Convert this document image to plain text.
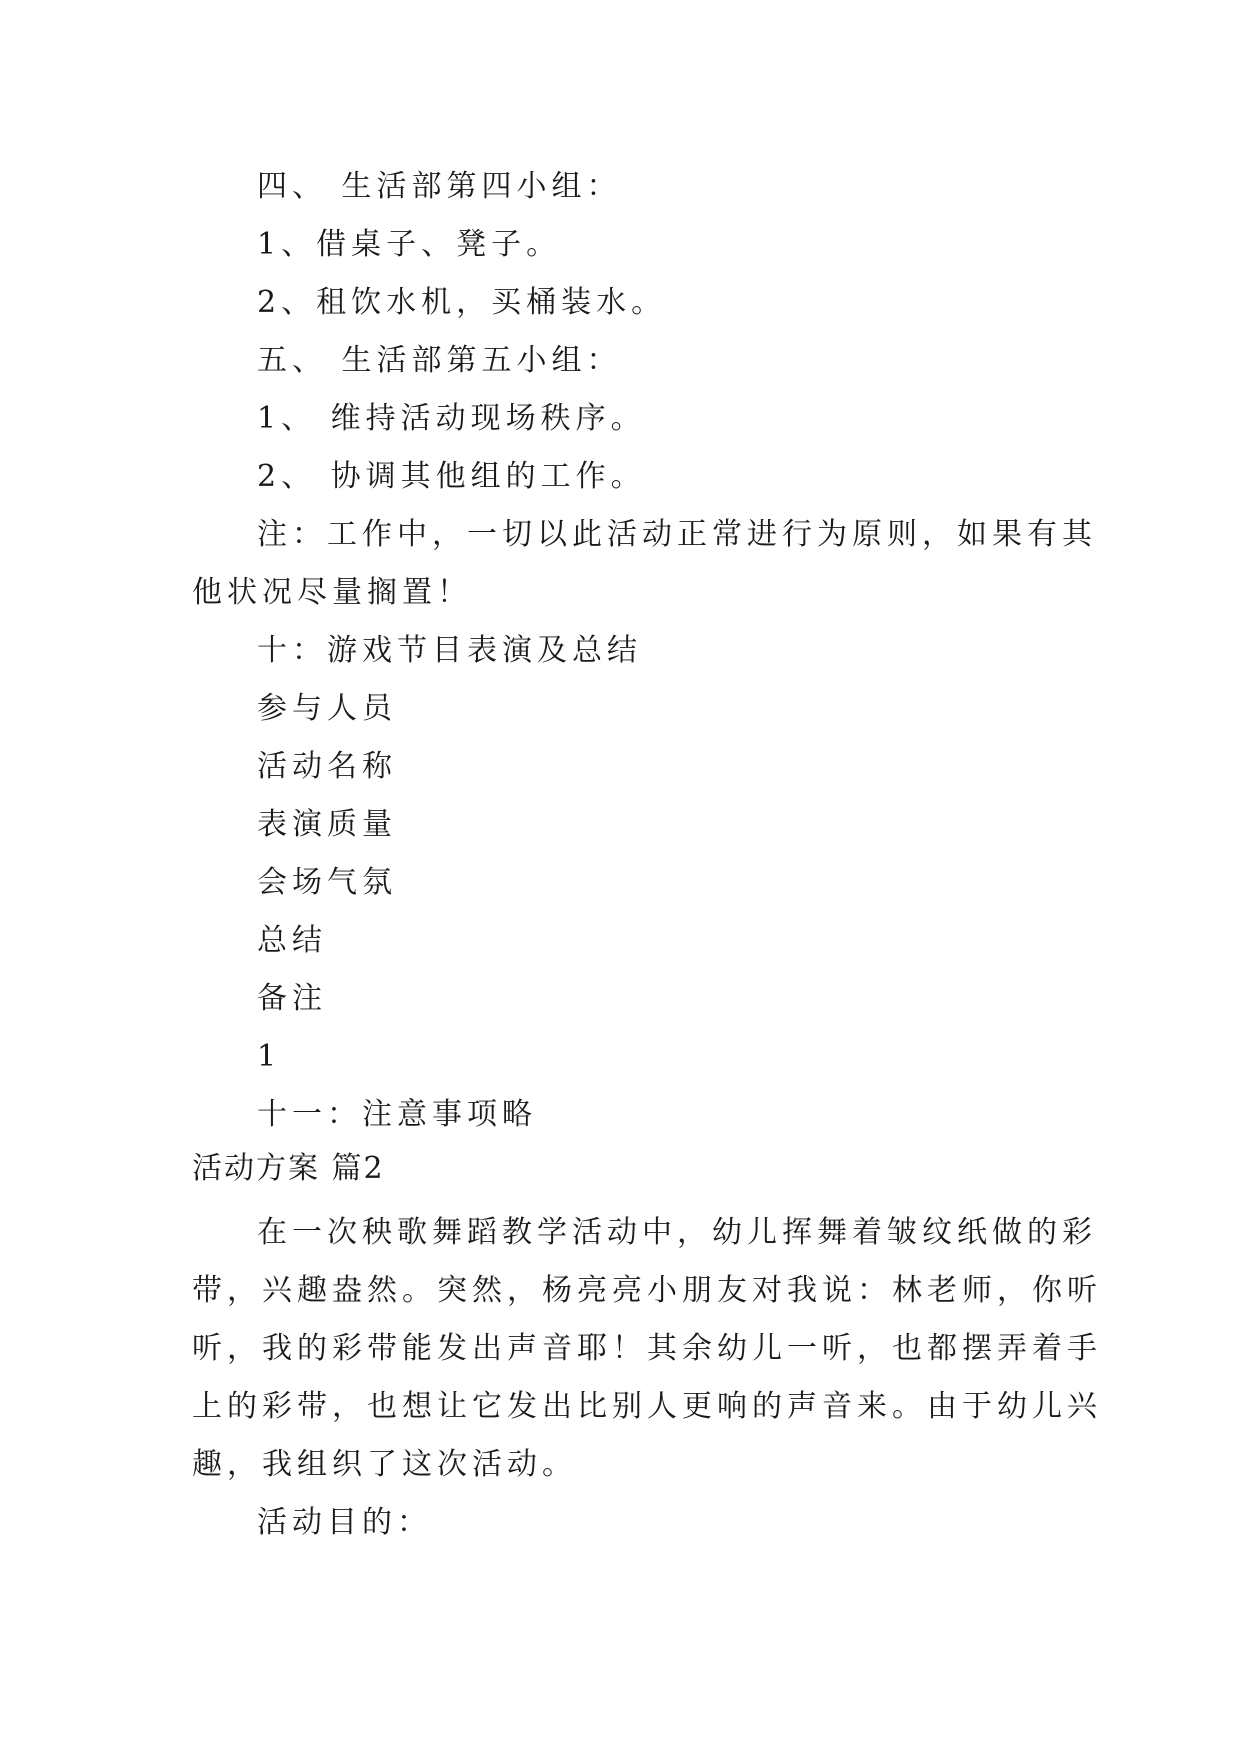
四、 生活部第四小组：

1、借桌子、凳子。

2、租饮水机，买桶装水。

五、 生活部第五小组：

1、 维持活动现场秩序。

2、 协调其他组的工作。

注：工作中，一切以此活动正常进行为原则，如果有其

他状况尽量搁置！

十：游戏节目表演及总结

参与人员

活动名称

表演质量

会场气氛

总结

备注

1

十一：注意事项略

活动方案 篇2

在一次秧歌舞蹈教学活动中，幼儿挥舞着皱纹纸做的彩

带，兴趣盎然。突然，杨亮亮小朋友对我说：林老师，你听

听，我的彩带能发出声音耶！其余幼儿一听，也都摆弄着手

上的彩带，也想让它发出比别人更响的声音来。由于幼儿兴

趣，我组织了这次活动。

活动目的：
